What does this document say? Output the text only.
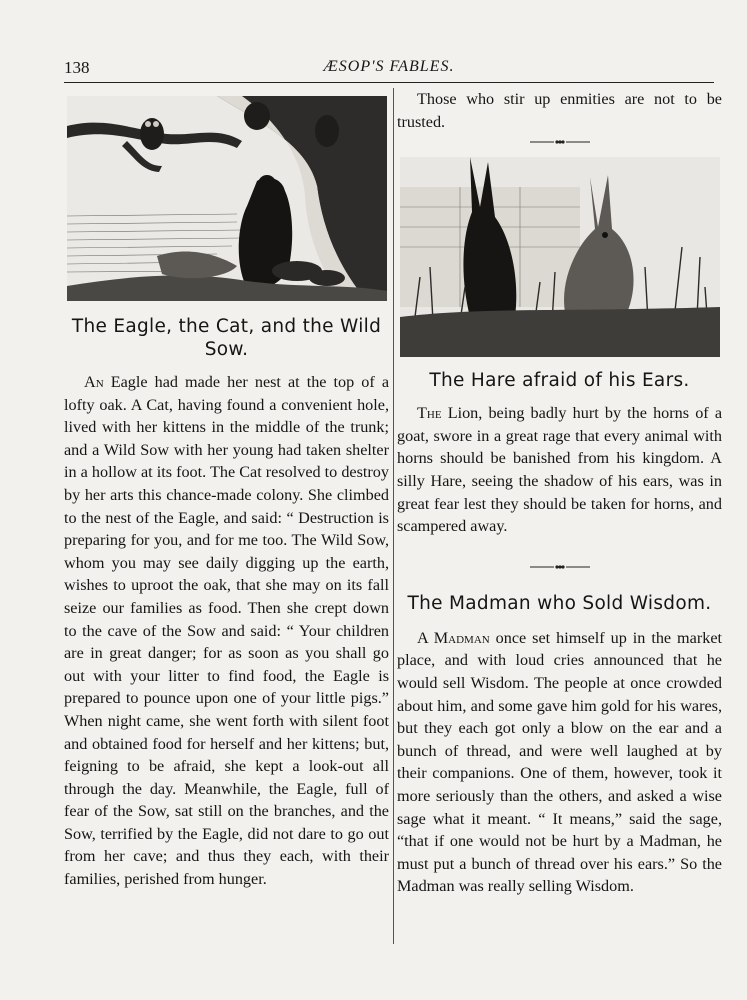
138	ÆSOP'S FABLES.
The Eagle, the Cat, and the Wild Sow.

An Eagle had made her nest at the top of a lofty oak. A Cat, having found a convenient hole, lived with her kittens in the middle of the trunk; and a Wild Sow with her young had taken shelter in a hollow at its foot. The Cat resolved to destroy by her arts this chance-made colony. She climbed to the nest of the Eagle, and said: “ Destruction is preparing for you, and for me too. The Wild Sow, whom you may see daily digging up the earth, wishes to uproot the oak, that she may on its fall seize our families as food. Then she crept down to the cave of the Sow and said: “ Your children are in great danger; for as soon as you shall go out with your litter to find food, the Eagle is prepared to pounce upon one of your little pigs.” When night came, she went forth with silent foot and obtained food for herself and her kittens; but, feigning to be afraid, she kept a look-out all through the day. Meanwhile, the Eagle, full of fear of the Sow, sat still on the branches, and the Sow, terrified by the Eagle, did not dare to go out from her cave; and thus they each, with their families, perished from hunger.

Those who stir up enmities are not to be trusted.

The Hare afraid of his Ears.

The Lion, being badly hurt by the horns of a goat, swore in a great rage that every animal with horns should be banished from his kingdom. A silly Hare, seeing the shadow of his ears, was in great fear lest they should be taken for horns, and scampered away.

The Madman who Sold Wisdom.

A Madman once set himself up in the market place, and with loud cries announced that he would sell Wisdom. The people at once crowded about him, and some gave him gold for his wares, but they each got only a blow on the ear and a bunch of thread, and were well laughed at by their companions. One of them, however, took it more seriously than the others, and asked a wise sage what it meant. “ It means,” said the sage, “that if one would not be hurt by a Madman, he must put a bunch of thread over his ears.” So the Madman was really selling Wisdom.
